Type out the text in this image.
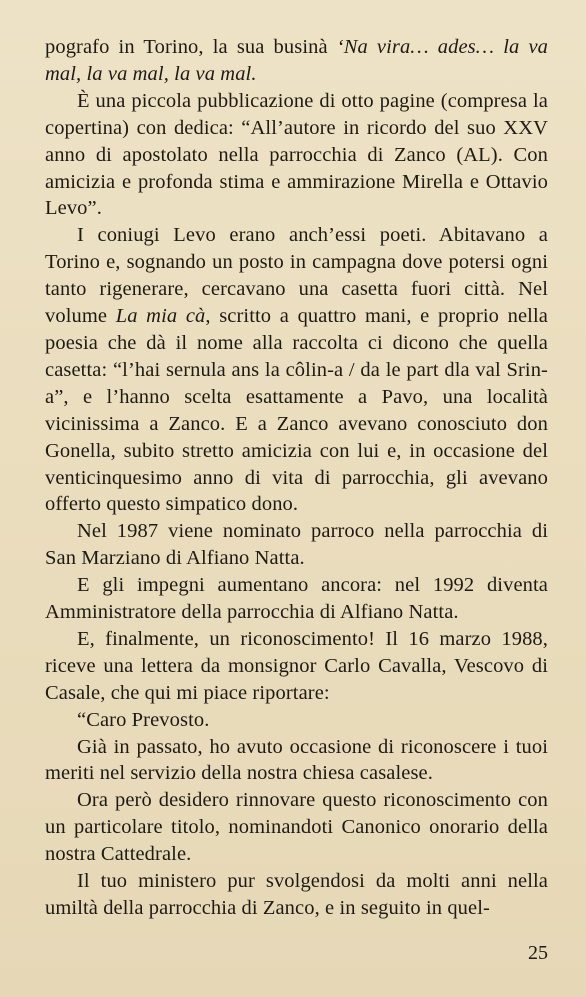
pografo in Torino, la sua businà ‘Na vira… ades… la va mal, la va mal, la va mal.

È una piccola pubblicazione di otto pagine (compresa la copertina) con dedica: “All’autore in ricordo del suo XXV anno di apostolato nella parrocchia di Zanco (AL). Con amicizia e profonda stima e ammirazione Mirella e Ottavio Levo”.

I coniugi Levo erano anch’essi poeti. Abitavano a Torino e, sognando un posto in campagna dove potersi ogni tanto rigenerare, cercavano una casetta fuori città. Nel volume La mia cà, scritto a quattro mani, e proprio nella poesia che dà il nome alla raccolta ci dicono che quella casetta: “l’hai sernula ans la côlin-a / da le part dla val Srin-a”, e l’hanno scelta esattamente a Pavo, una località vicinissima a Zanco. E a Zanco avevano conosciuto don Gonella, subito stretto amicizia con lui e, in occasione del venticinquesimo anno di vita di parrocchia, gli avevano offerto questo simpatico dono.

Nel 1987 viene nominato parroco nella parrocchia di San Marziano di Alfiano Natta.

E gli impegni aumentano ancora: nel 1992 diventa Amministratore della parrocchia di Alfiano Natta.

E, finalmente, un riconoscimento! Il 16 marzo 1988, riceve una lettera da monsignor Carlo Cavalla, Vescovo di Casale, che qui mi piace riportare:

“Caro Prevosto.

Già in passato, ho avuto occasione di riconoscere i tuoi meriti nel servizio della nostra chiesa casalese.

Ora però desidero rinnovare questo riconoscimento con un particolare titolo, nominandoti Canonico onorario della nostra Cattedrale.

Il tuo ministero pur svolgendosi da molti anni nella umiltà della parrocchia di Zanco, e in seguito in quel-

25
